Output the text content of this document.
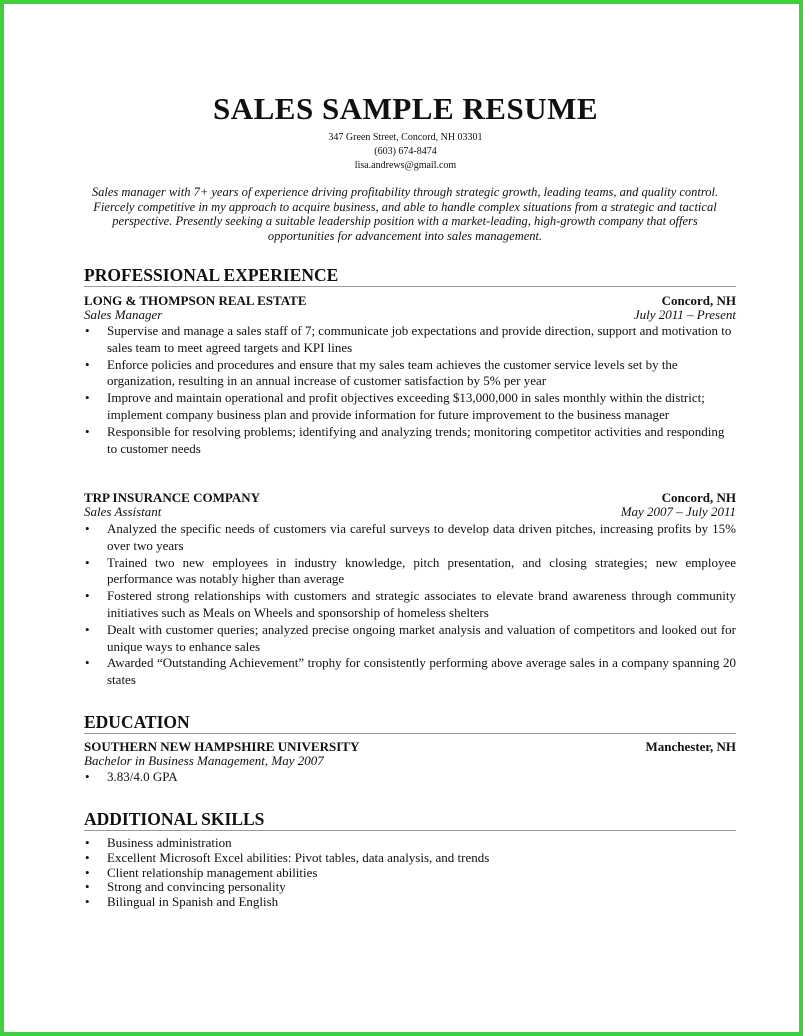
SALES SAMPLE RESUME
347 Green Street, Concord, NH 03301
(603) 674-8474
lisa.andrews@gmail.com

Sales manager with 7+ years of experience driving profitability through strategic growth, leading teams, and quality control. Fiercely competitive in my approach to acquire business, and able to handle complex situations from a strategic and tactical perspective. Presently seeking a suitable leadership position with a market-leading, high-growth company that offers opportunities for advancement into sales management.

PROFESSIONAL EXPERIENCE
LONG & THOMPSON REAL ESTATE	Concord, NH
Sales Manager	July 2011 – Present
• Supervise and manage a sales staff of 7; communicate job expectations and provide direction, support and motivation to sales team to meet agreed targets and KPI lines
• Enforce policies and procedures and ensure that my sales team achieves the customer service levels set by the organization, resulting in an annual increase of customer satisfaction by 5% per year
• Improve and maintain operational and profit objectives exceeding $13,000,000 in sales monthly within the district; implement company business plan and provide information for future improvement to the business manager
• Responsible for resolving problems; identifying and analyzing trends; monitoring competitor activities and responding to customer needs
TRP INSURANCE COMPANY	Concord, NH
Sales Assistant	May 2007 – July 2011
• Analyzed the specific needs of customers via careful surveys to develop data driven pitches, increasing profits by 15% over two years
• Trained two new employees in industry knowledge, pitch presentation, and closing strategies; new employee performance was notably higher than average
• Fostered strong relationships with customers and strategic associates to elevate brand awareness through community initiatives such as Meals on Wheels and sponsorship of homeless shelters
• Dealt with customer queries; analyzed precise ongoing market analysis and valuation of competitors and looked out for unique ways to enhance sales
• Awarded “Outstanding Achievement” trophy for consistently performing above average sales in a company spanning 20 states
EDUCATION
SOUTHERN NEW HAMPSHIRE UNIVERSITY	Manchester, NH
Bachelor in Business Management, May 2007
• 3.83/4.0 GPA
ADDITIONAL SKILLS
• Business administration
• Excellent Microsoft Excel abilities: Pivot tables, data analysis, and trends
• Client relationship management abilities
• Strong and convincing personality
• Bilingual in Spanish and English
